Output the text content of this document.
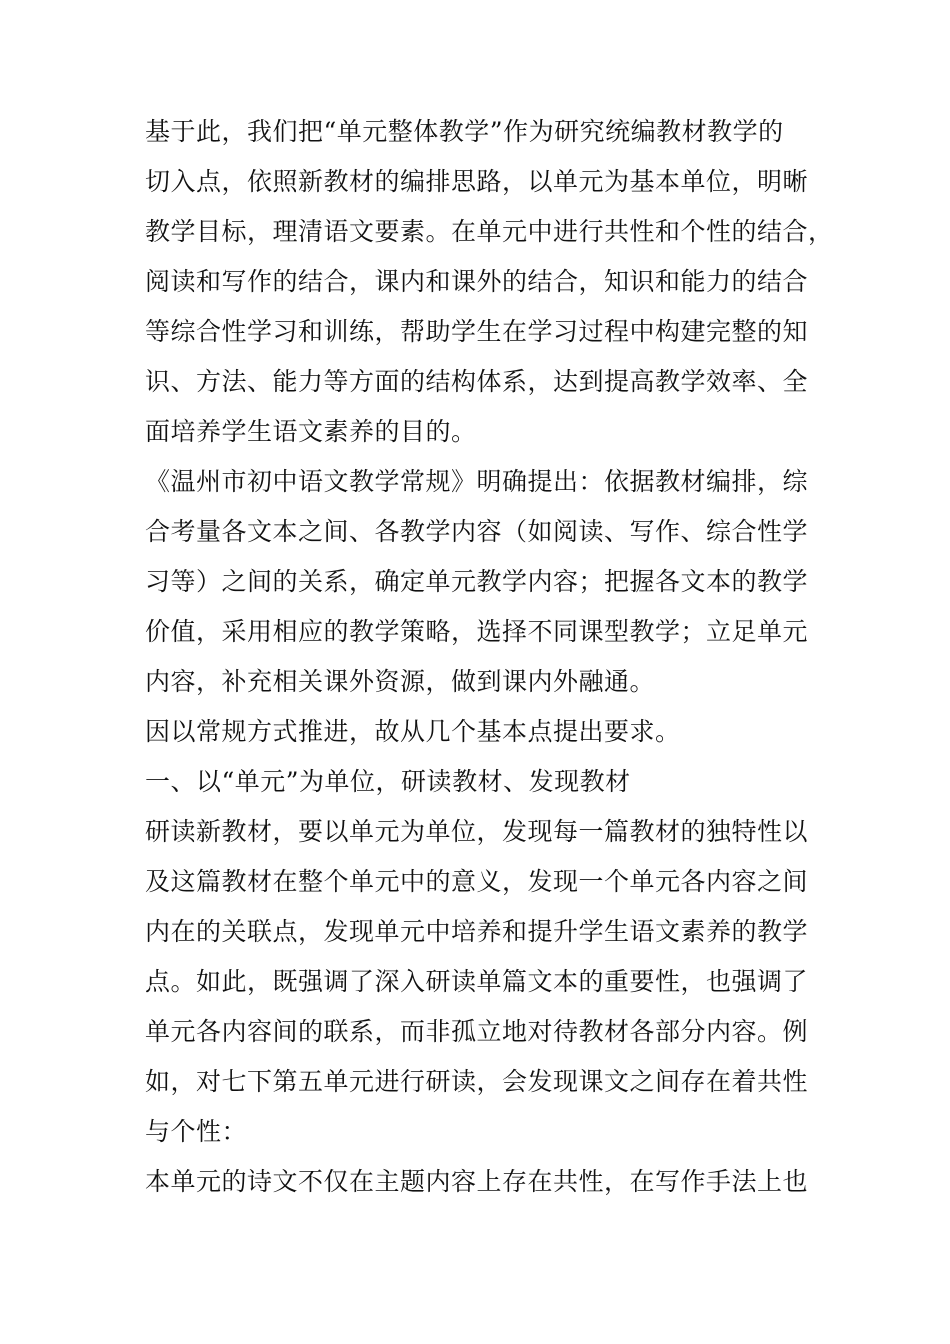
基于此，我们把“单元整体教学”作为研究统编教材教学的
切入点，依照新教材的编排思路，以单元为基本单位，明晰
教学目标，理清语文要素。在单元中进行共性和个性的结合，
阅读和写作的结合，课内和课外的结合，知识和能力的结合
等综合性学习和训练，帮助学生在学习过程中构建完整的知
识、方法、能力等方面的结构体系，达到提高教学效率、全
面培养学生语文素养的目的。
《温州市初中语文教学常规》明确提出：依据教材编排，综
合考量各文本之间、各教学内容（如阅读、写作、综合性学
习等）之间的关系，确定单元教学内容；把握各文本的教学
价值，采用相应的教学策略，选择不同课型教学；立足单元
内容，补充相关课外资源，做到课内外融通。
因以常规方式推进，故从几个基本点提出要求。
一、以“单元”为单位，研读教材、发现教材
研读新教材，要以单元为单位，发现每一篇教材的独特性以
及这篇教材在整个单元中的意义，发现一个单元各内容之间
内在的关联点，发现单元中培养和提升学生语文素养的教学
点。如此，既强调了深入研读单篇文本的重要性，也强调了
单元各内容间的联系，而非孤立地对待教材各部分内容。例
如，对七下第五单元进行研读，会发现课文之间存在着共性
与个性：
本单元的诗文不仅在主题内容上存在共性，在写作手法上也
